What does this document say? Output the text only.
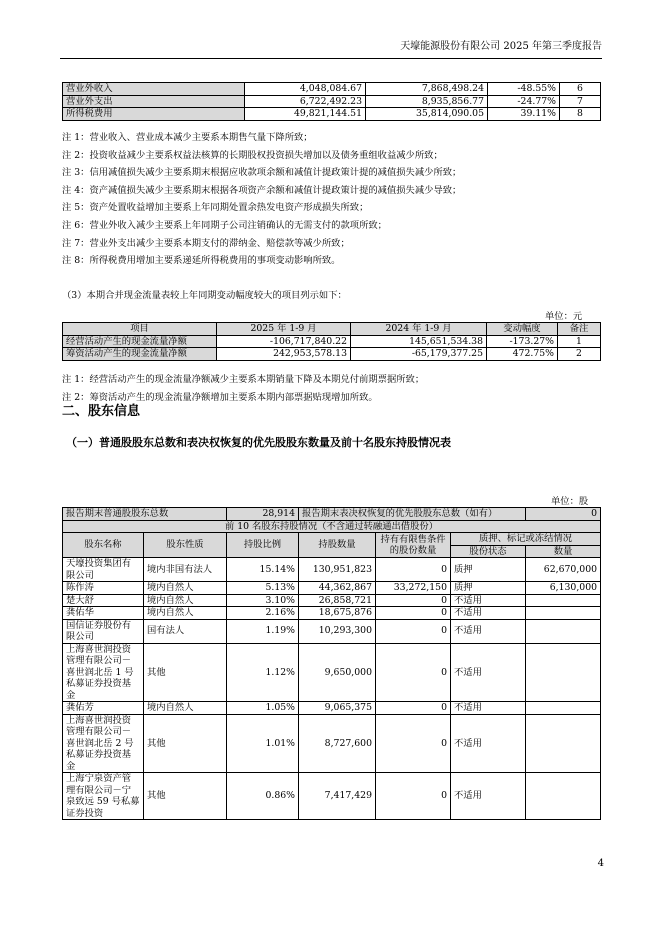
天壕能源股份有限公司 2025 年第三季度报告
营业外收入	4,048,084.67	7,868,498.24	-48.55%	6
营业外支出	6,722,492.23	8,935,856.77	-24.77%	7
所得税费用	49,821,144.51	35,814,090.05	39.11%	8
注 1：营业收入、营业成本减少主要系本期售气量下降所致；
注 2：投资收益减少主要系权益法核算的长期股权投资损失增加以及债务重组收益减少所致；
注 3：信用减值损失减少主要系期末根据应收款项余额和减值计提政策计提的减值损失减少所致；
注 4：资产减值损失减少主要系期末根据各项资产余额和减值计提政策计提的减值损失减少导致；
注 5：资产处置收益增加主要系上年同期处置余热发电资产形成损失所致；
注 6：营业外收入减少主要系上年同期子公司注销确认的无需支付的款项所致；
注 7：营业外支出减少主要系本期支付的滞纳金、赔偿款等减少所致；
注 8：所得税费用增加主要系递延所得税费用的事项变动影响所致。
（3）本期合并现金流量表较上年同期变动幅度较大的项目列示如下：
单位：元
项目	2025 年 1-9 月	2024 年 1-9 月	变动幅度	备注
经营活动产生的现金流量净额	-106,717,840.22	145,651,534.38	-173.27%	1
筹资活动产生的现金流量净额	242,953,578.13	-65,179,377.25	472.75%	2
注 1：经营活动产生的现金流量净额减少主要系本期销量下降及本期兑付前期票据所致；
注 2：筹资活动产生的现金流量净额增加主要系本期内部票据贴现增加所致。
二、股东信息
（一）普通股股东总数和表决权恢复的优先股股东数量及前十名股东持股情况表
单位：股
报告期末普通股股东总数		28,914	报告期末表决权恢复的优先股股东总数（如有）			0
前 10 名股东持股情况（不含通过转融通出借股份）						
股东名称	股东性质	持股比例	持股数量	持有有限售条件的股份数量	质押、标记或冻结情况	
					股份状态	数量
天壕投资集团有限公司	境内非国有法人	15.14%	130,951,823	0	质押	62,670,000
陈作涛	境内自然人	5.13%	44,362,867	33,272,150	质押	6,130,000
楚大舒	境内自然人	3.10%	26,858,721	0	不适用	
龚佑华	境内自然人	2.16%	18,675,876	0	不适用	
国信证券股份有限公司	国有法人	1.19%	10,293,300	0	不适用	
上海喜世润投资管理有限公司－喜世润北岳 1 号私募证券投资基金	其他	1.12%	9,650,000	0	不适用	
龚佑芳	境内自然人	1.05%	9,065,375	0	不适用	
上海喜世润投资管理有限公司－喜世润北岳 2 号私募证券投资基金	其他	1.01%	8,727,600	0	不适用	
上海宁泉资产管理有限公司－宁泉致远 59 号私募证券投资	其他	0.86%	7,417,429	0	不适用	
4
